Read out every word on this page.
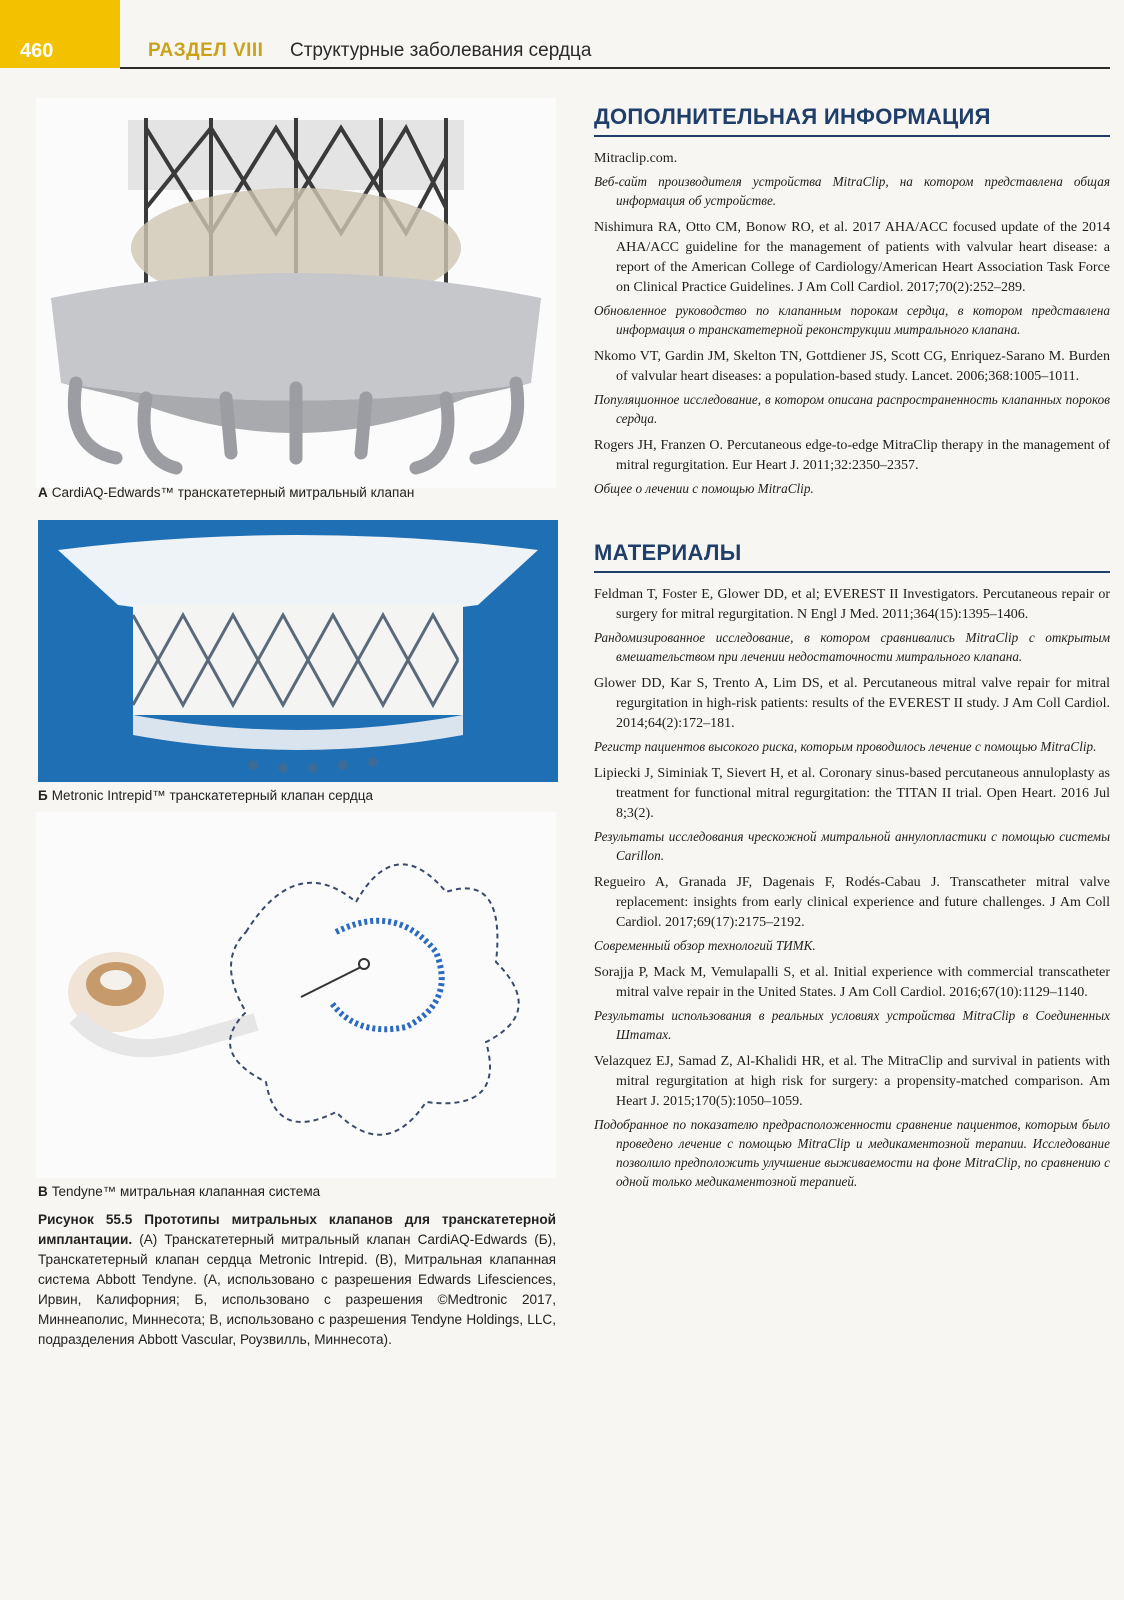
460	РАЗДЕЛ VIII Структурные заболевания сердца
А CardiAQ-Edwards™ транскатетерный митральный клапан
Б Metronic Intrepid™ транскатетерный клапан сердца
В Tendyne™ митральная клапанная система
Рисунок 55.5 Прототипы митральных клапанов для транскатетерной имплантации. (А) Транскатетерный митральный клапан CardiAQ-Edwards (Б), Транскатетерный клапан сердца Metronic Intrepid. (В), Митральная клапанная система Abbott Tendyne. (А, использовано с разрешения Edwards Lifesciences, Ирвин, Калифорния; Б, использовано с разрешения ©Medtronic 2017, Миннеаполис, Миннесота; В, использовано с разрешения Tendyne Holdings, LLC, подразделения Abbott Vascular, Роузвилль, Миннесота).
ДОПОЛНИТЕЛЬНАЯ ИНФОРМАЦИЯ

Mitraclip.com.

Веб-сайт производителя устройства MitraClip, на котором представлена общая информация об устройстве.

Nishimura RA, Otto CM, Bonow RO, et al. 2017 AHA/ACC focused update of the 2014 AHA/ACC guideline for the management of patients with valvular heart disease: a report of the American College of Cardiology/American Heart Association Task Force on Clinical Practice Guidelines. J Am Coll Cardiol. 2017;70(2):252–289.

Обновленное руководство по клапанным порокам сердца, в котором представлена информация о транскатетерной реконструкции митрального клапана.

Nkomo VT, Gardin JM, Skelton TN, Gottdiener JS, Scott CG, Enriquez-Sarano M. Burden of valvular heart diseases: a population-based study. Lancet. 2006;368:1005–1011.

Популяционное исследование, в котором описана распространенность клапанных пороков сердца.

Rogers JH, Franzen O. Percutaneous edge-to-edge MitraClip therapy in the management of mitral regurgitation. Eur Heart J. 2011;32:2350–2357.

Общее о лечении с помощью MitraClip.

МАТЕРИАЛЫ

Feldman T, Foster E, Glower DD, et al; EVEREST II Investigators. Percutaneous repair or surgery for mitral regurgitation. N Engl J Med. 2011;364(15):1395–1406.

Рандомизированное исследование, в котором сравнивались MitraClip с открытым вмешательством при лечении недостаточности митрального клапана.

Glower DD, Kar S, Trento A, Lim DS, et al. Percutaneous mitral valve repair for mitral regurgitation in high-risk patients: results of the EVEREST II study. J Am Coll Cardiol. 2014;64(2):172–181.

Регистр пациентов высокого риска, которым проводилось лечение с помощью MitraClip.

Lipiecki J, Siminiak T, Sievert H, et al. Coronary sinus-based percutaneous annuloplasty as treatment for functional mitral regurgitation: the TITAN II trial. Open Heart. 2016 Jul 8;3(2).

Результаты исследования чрескожной митральной аннулопластики с помощью системы Carillon.

Regueiro A, Granada JF, Dagenais F, Rodés-Cabau J. Transcatheter mitral valve replacement: insights from early clinical experience and future challenges. J Am Coll Cardiol. 2017;69(17):2175–2192.

Современный обзор технологий ТИМК.

Sorajja P, Mack M, Vemulapalli S, et al. Initial experience with commercial transcatheter mitral valve repair in the United States. J Am Coll Cardiol. 2016;67(10):1129–1140.

Результаты использования в реальных условиях устройства MitraClip в Соединенных Штатах.

Velazquez EJ, Samad Z, Al-Khalidi HR, et al. The MitraClip and survival in patients with mitral regurgitation at high risk for surgery: a propensity-matched comparison. Am Heart J. 2015;170(5):1050–1059.

Подобранное по показателю предрасположенности сравнение пациентов, которым было проведено лечение с помощью MitraClip и медикаментозной терапии. Исследование позволило предположить улучшение выживаемости на фоне MitraClip, по сравнению с одной только медикаментозной терапией.
